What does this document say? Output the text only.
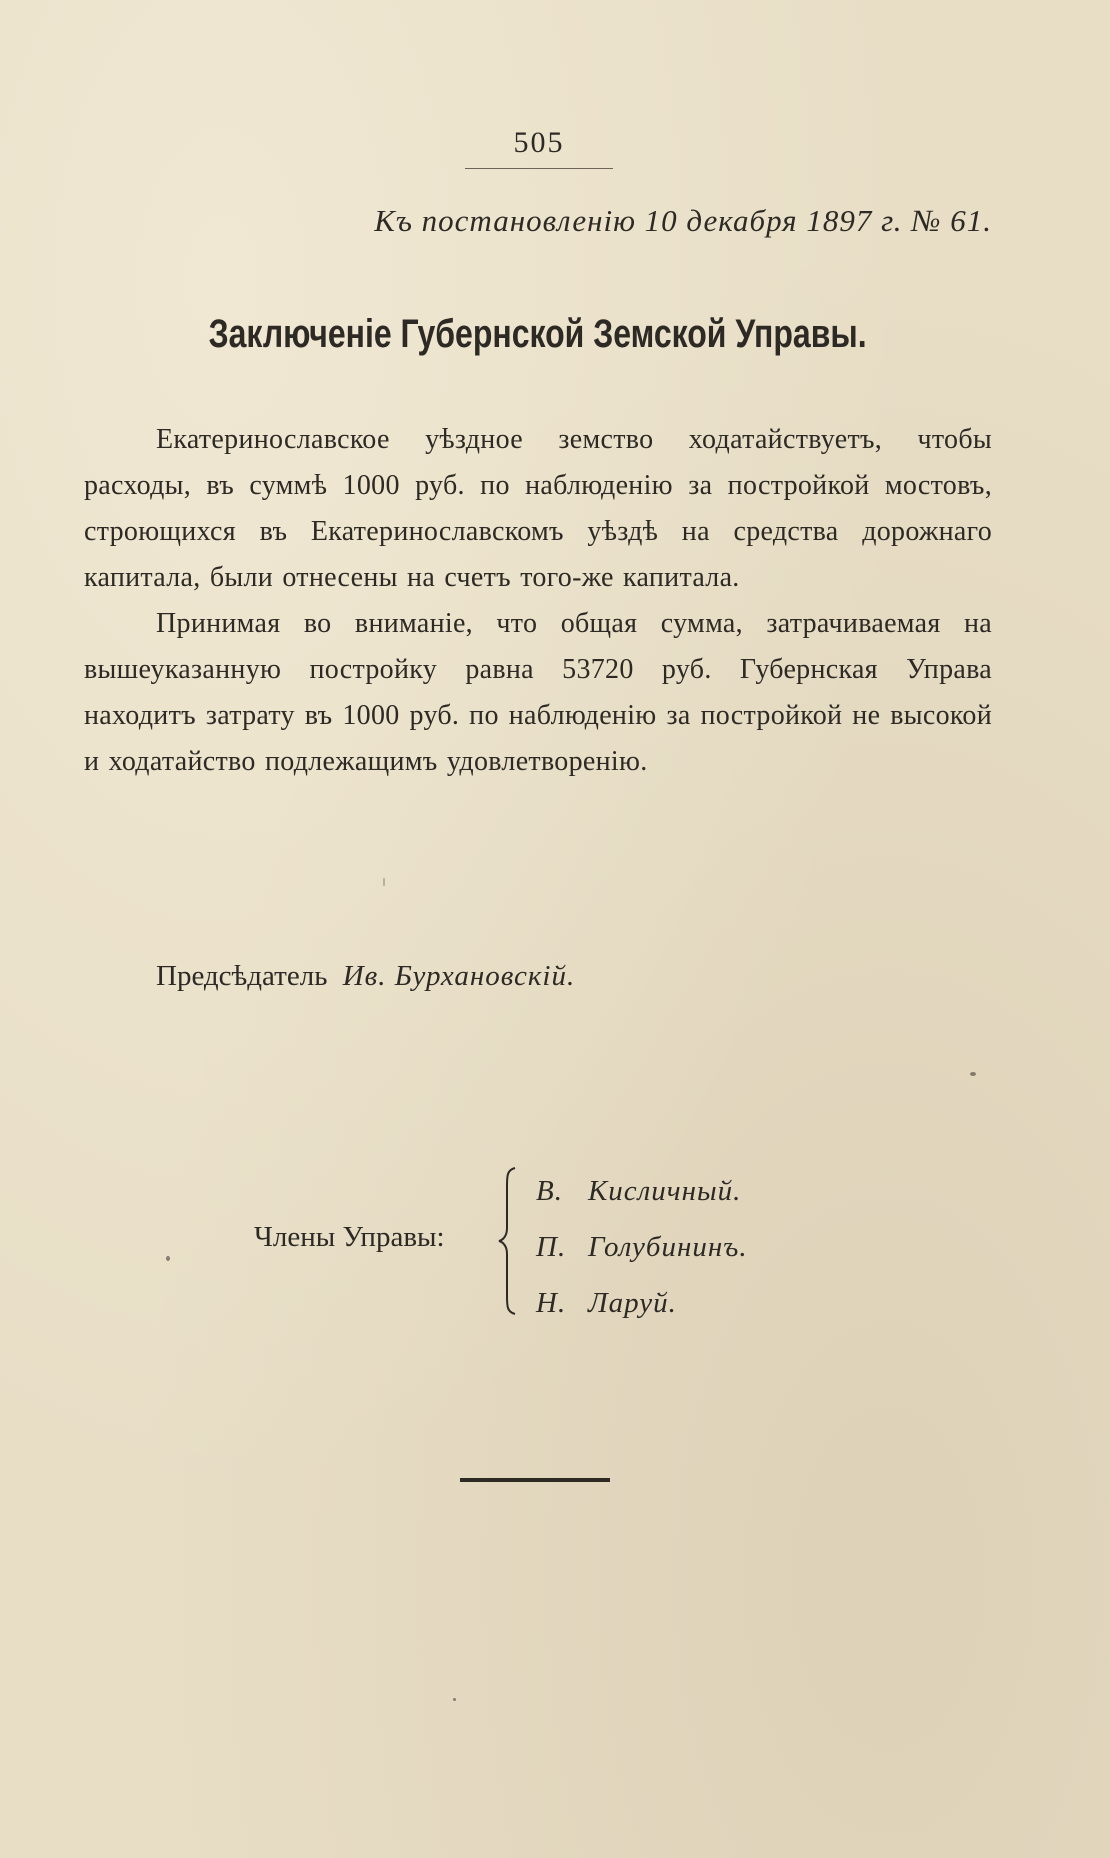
505
Къ постановленію 10 декабря 1897 г. № 61.
Заключеніе Губернской Земской Управы.

Екатеринославское уѣздное земство ходатайствуетъ, чтобы расходы, въ суммѣ 1000 руб. по наблюденію за постройкой мостовъ, строющихся въ Екатеринославскомъ уѣздѣ на средства дорожнаго капитала, были отнесены на счетъ того-же капитала.

Принимая во вниманіе, что общая сумма, затрачиваемая на вышеуказанную постройку равна 53720 руб. Губернская Управа находитъ затрату въ 1000 руб. по наблюденію за постройкой не высокой и ходатайство подлежащимъ удовлетворенію.

Предсѣдатель Ив. Бурхановскій.
Члены Управы:
В. Кисличный.
П. Голубининъ.
Н. Ларуй.
